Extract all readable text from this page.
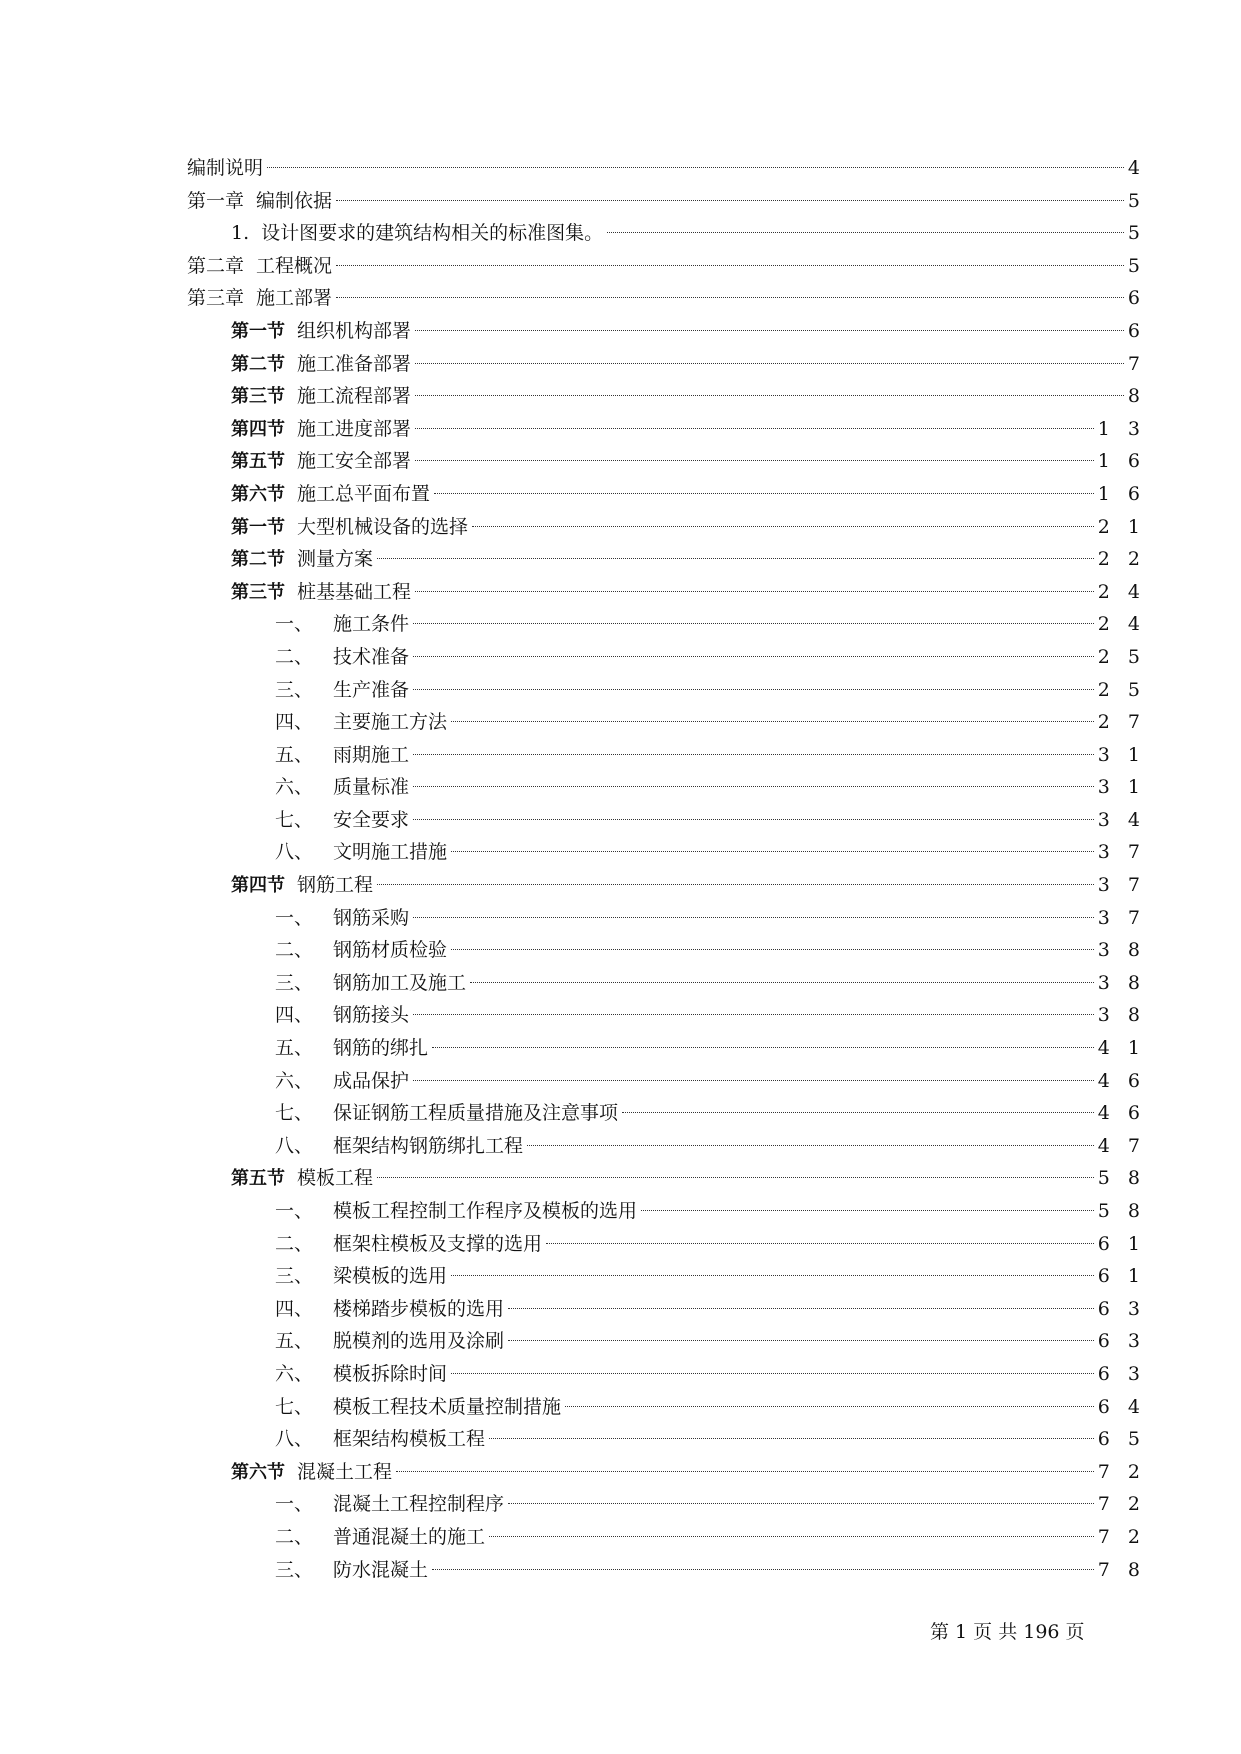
编制说明	4
第一章 编制依据	5
1. 设计图要求的建筑结构相关的标准图集。	5
第二章 工程概况	5
第三章 施工部署	6
第一节 组织机构部署	6
第二节 施工准备部署	7
第三节 施工流程部署	8
第四节 施工进度部署	1 3
第五节 施工安全部署	1 6
第六节 施工总平面布置	1 6
第一节 大型机械设备的选择	2 1
第二节 测量方案	2 2
第三节 桩基基础工程	2 4
一、 施工条件	2 4
二、 技术准备	2 5
三、 生产准备	2 5
四、 主要施工方法	2 7
五、 雨期施工	3 1
六、 质量标准	3 1
七、 安全要求	3 4
八、 文明施工措施	3 7
第四节 钢筋工程	3 7
一、 钢筋采购	3 7
二、 钢筋材质检验	3 8
三、 钢筋加工及施工	3 8
四、 钢筋接头	3 8
五、 钢筋的绑扎	4 1
六、 成品保护	4 6
七、 保证钢筋工程质量措施及注意事项	4 6
八、 框架结构钢筋绑扎工程	4 7
第五节 模板工程	5 8
一、 模板工程控制工作程序及模板的选用	5 8
二、 框架柱模板及支撑的选用	6 1
三、 梁模板的选用	6 1
四、 楼梯踏步模板的选用	6 3
五、 脱模剂的选用及涂刷	6 3
六、 模板拆除时间	6 3
七、 模板工程技术质量控制措施	6 4
八、 框架结构模板工程	6 5
第六节 混凝土工程	7 2
一、 混凝土工程控制程序	7 2
二、 普通混凝土的施工	7 2
三、 防水混凝土	7 8
第 1 页 共 196 页
